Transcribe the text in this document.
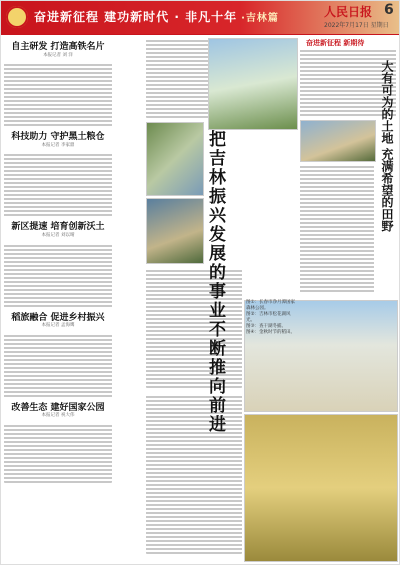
奋进新征程 建功新时代 · 非凡十年 ·吉林篇	人民日报 6
2022年7月17日 星期日
自主研发 打造高铁名片
本报记者 刘 洋
科技助力 守护黑土粮仓
本报记者 李家鼎
新区提速 培育创新沃土
本报记者 刘以晴
稻旅融合 促进乡村振兴
本报记者 孟海鹰
改善生态 建好国家公园
本报记者 祝大伟	把吉林振兴发展的事业不断推向前进	图①：长春市净月潭国家森林公园。
图②：吉林市松花湖风光。
图③：查干湖冬捕。
图④：金秋时节的稻田。
奋进新征程 新期待
大有可为的土地 充满希望的田野
